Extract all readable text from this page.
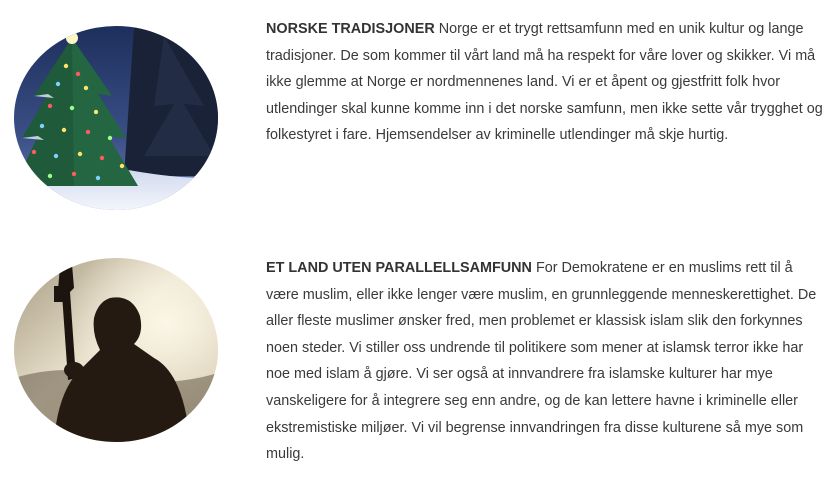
NORSKE TRADISJONER Norge er et trygt rettsamfunn med en unik kultur og lange tradisjoner. De som kommer til vårt land må ha respekt for våre lover og skikker. Vi må ikke glemme at Norge er nordmennenes land. Vi er et åpent og gjestfritt folk hvor utlendinger skal kunne komme inn i det norske samfunn, men ikke sette vår trygghet og folkestyret i fare. Hjemsendelser av kriminelle utlendinger må skje hurtig.

ET LAND UTEN PARALLELLSAMFUNN For Demokratene er en muslims rett til å være muslim, eller ikke lenger være muslim, en grunnleggende menneskerettighet. De aller fleste muslimer ønsker fred, men problemet er klassisk islam slik den forkynnes noen steder. Vi stiller oss undrende til politikere som mener at islamsk terror ikke har noe med islam å gjøre. Vi ser også at innvandrere fra islamske kulturer har mye vanskeligere for å integrere seg enn andre, og de kan lettere havne i kriminelle eller ekstremistiske miljøer. Vi vil begrense innvandringen fra disse kulturene så mye som mulig.
